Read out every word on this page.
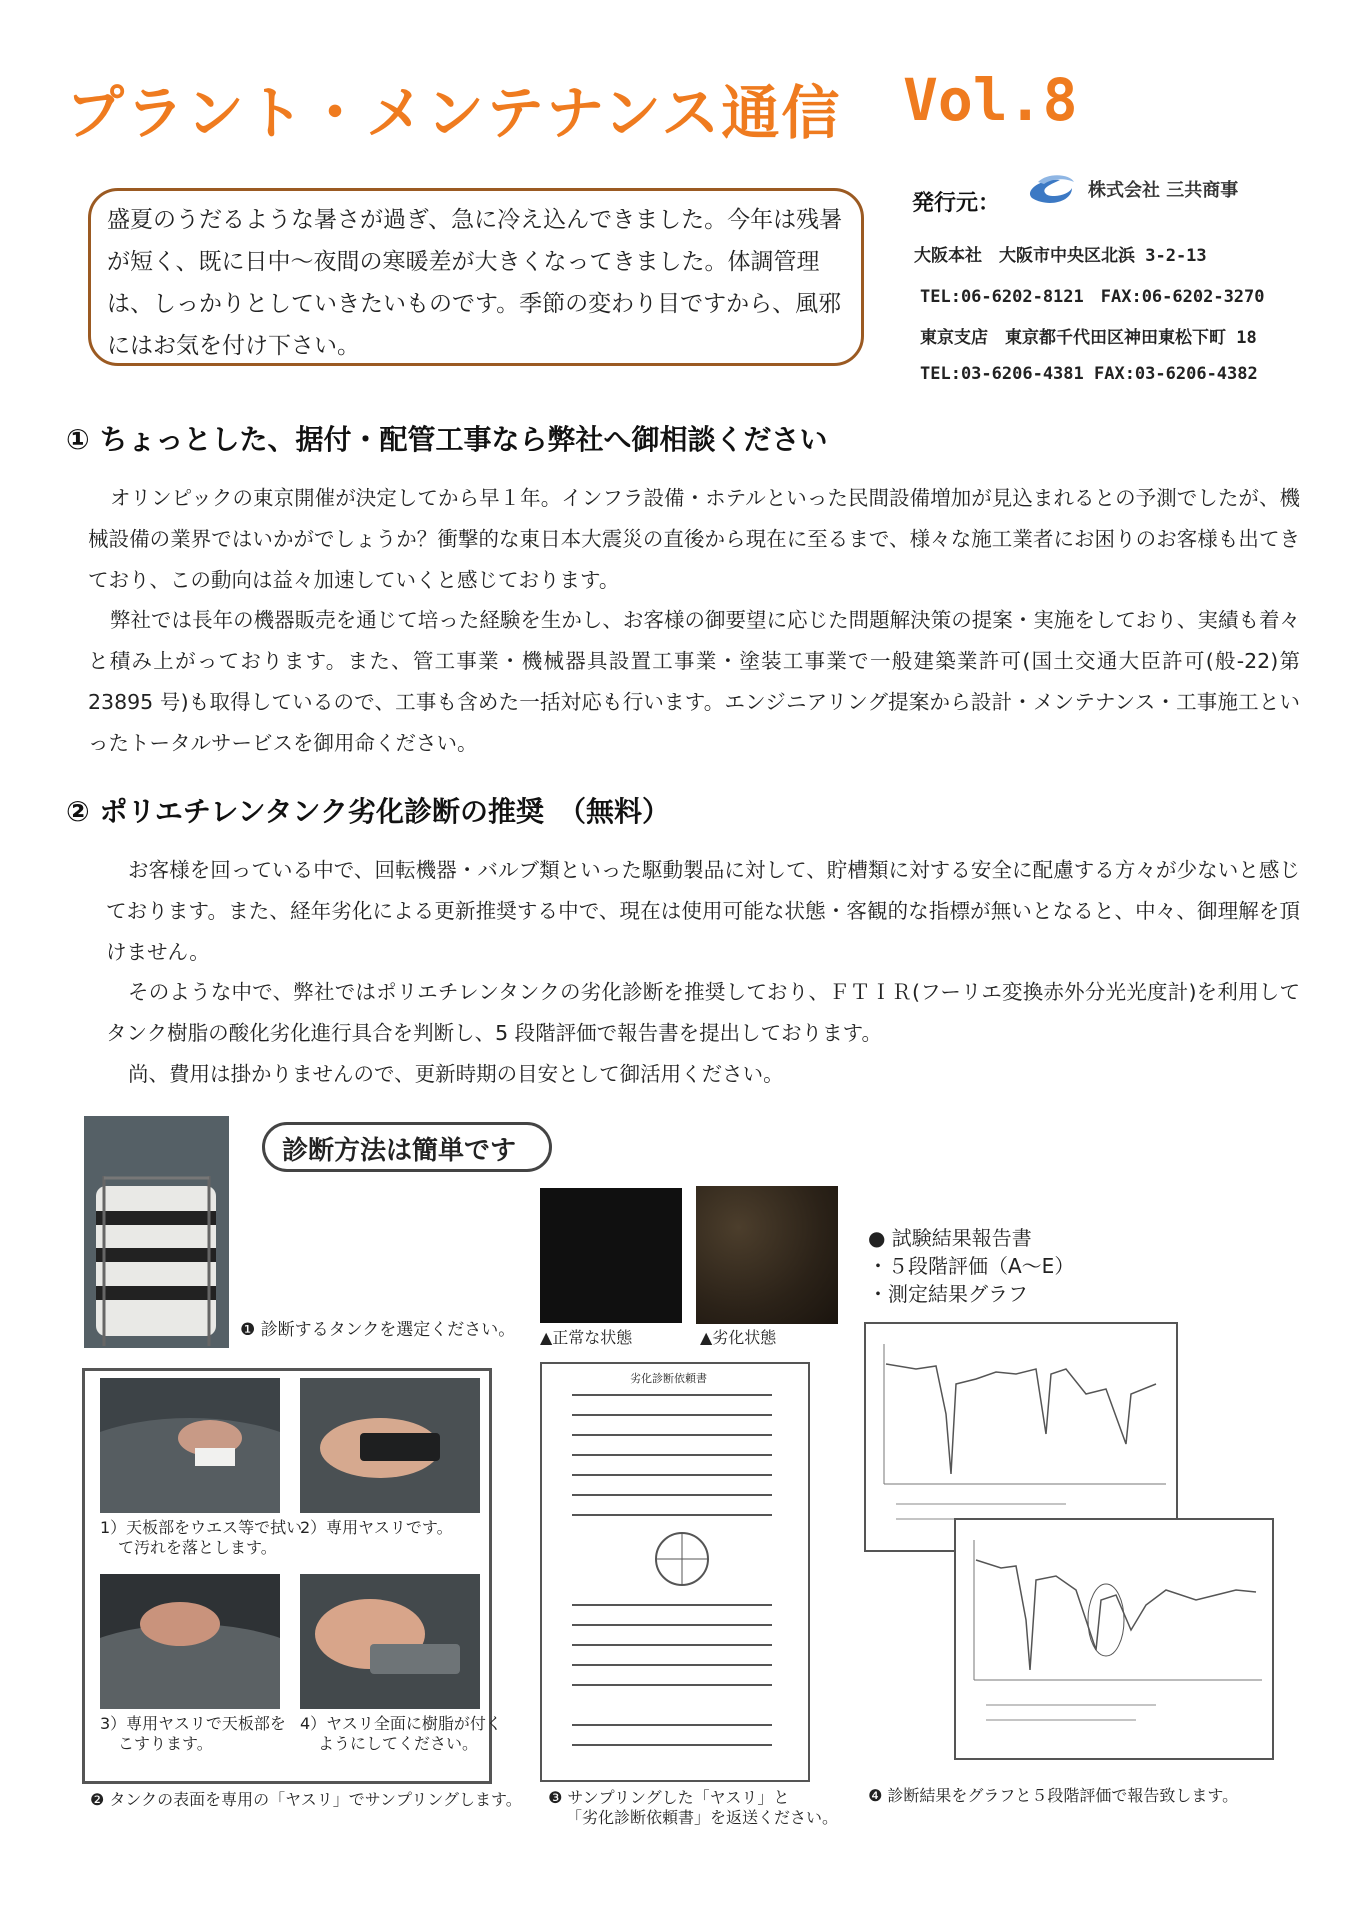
プラント・メンテナンス通信 Vol.8
盛夏のうだるような暑さが過ぎ、急に冷え込んできました。今年は残暑が短く、既に日中～夜間の寒暖差が大きくなってきました。体調管理は、しっかりとしていきたいものです。季節の変わり目ですから、風邪にはお気を付け下さい。
発行元：
株式会社 三共商事
大阪本社　大阪市中央区北浜 3-2-13
TEL:06-6202-8121　FAX:06-6202-3270
東京支店　東京都千代田区神田東松下町 18
TEL:03-6206-4381 FAX:03-6206-4382
① ちょっとした、据付・配管工事なら弊社へ御相談ください
オリンピックの東京開催が決定してから早１年。インフラ設備・ホテルといった民間設備増加が見込まれるとの予測でしたが、機械設備の業界ではいかがでしょうか？衝撃的な東日本大震災の直後から現在に至るまで、様々な施工業者にお困りのお客様も出てきており、この動向は益々加速していくと感じております。
弊社では長年の機器販売を通じて培った経験を生かし、お客様の御要望に応じた問題解決策の提案・実施をしており、実績も着々と積み上がっております。また、管工事業・機械器具設置工事業・塗装工事業で一般建築業許可(国土交通大臣許可(般-22)第 23895 号)も取得しているので、工事も含めた一括対応も行います。エンジニアリング提案から設計・メンテナンス・工事施工といったトータルサービスを御用命ください。
② ポリエチレンタンク劣化診断の推奨　（無料）
お客様を回っている中で、回転機器・バルブ類といった駆動製品に対して、貯槽類に対する安全に配慮する方々が少ないと感じております。また、経年劣化による更新推奨する中で、現在は使用可能な状態・客観的な指標が無いとなると、中々、御理解を頂けません。
そのような中で、弊社ではポリエチレンタンクの劣化診断を推奨しており、ＦＴＩＲ(フーリエ変換赤外分光光度計)を利用してタンク樹脂の酸化劣化進行具合を判断し、5 段階評価で報告書を提出しております。
尚、費用は掛かりませんので、更新時期の目安として御活用ください。
診断方法は簡単です
❶ 診断するタンクを選定ください。
1）天板部をウエス等で拭い
て汚れを落とします。
2）専用ヤスリです。
3）専用ヤスリで天板部を
こすります。
4）ヤスリ全面に樹脂が付く
ようにしてください。
❷ タンクの表面を専用の「ヤスリ」でサンプリングします。
▲正常な状態	▲劣化状態
劣化診断依頼書
❸ サンプリングした「ヤスリ」と
「劣化診断依頼書」を返送ください。
● 試験結果報告書
・５段階評価（A～E）
・測定結果グラフ
❹ 診断結果をグラフと５段階評価で報告致します。
